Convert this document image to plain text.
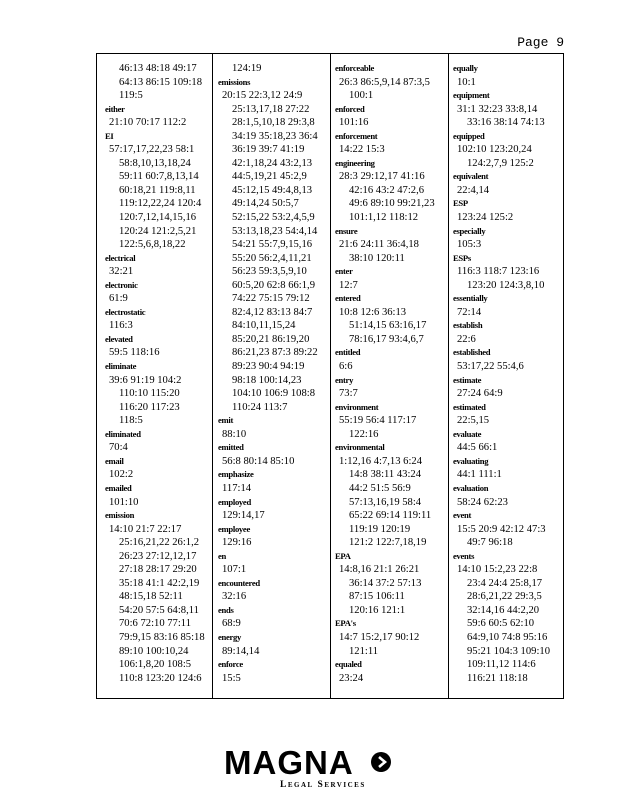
Page 9
46:13 48:18 49:17
64:13 86:15 109:18
119:5
either
21:10 70:17 112:2
EI
57:17,17,22,23 58:1
58:8,10,13,18,24
59:11 60:7,8,13,14
60:18,21 119:8,11
119:12,22,24 120:4
120:7,12,14,15,16
120:24 121:2,5,21
122:5,6,8,18,22
electrical
32:21
electronic
61:9
electrostatic
116:3
elevated
59:5 118:16
eliminate
39:6 91:19 104:2
110:10 115:20
116:20 117:23
118:5
eliminated
70:4
email
102:2
emailed
101:10
emission
14:10 21:7 22:17
25:16,21,22 26:1,2
26:23 27:12,12,17
27:18 28:17 29:20
35:18 41:1 42:2,19
48:15,18 52:11
54:20 57:5 64:8,11
70:6 72:10 77:11
79:9,15 83:16 85:18
89:10 100:10,24
106:1,8,20 108:5
110:8 123:20 124:6
124:19
emissions
20:15 22:3,12 24:9
25:13,17,18 27:22
28:1,5,10,18 29:3,8
34:19 35:18,23 36:4
36:19 39:7 41:19
42:1,18,24 43:2,13
44:5,19,21 45:2,9
45:12,15 49:4,8,13
49:14,24 50:5,7
52:15,22 53:2,4,5,9
53:13,18,23 54:4,14
54:21 55:7,9,15,16
55:20 56:2,4,11,21
56:23 59:3,5,9,10
60:5,20 62:8 66:1,9
74:22 75:15 79:12
82:4,12 83:13 84:7
84:10,11,15,24
85:20,21 86:19,20
86:21,23 87:3 89:22
89:23 90:4 94:19
98:18 100:14,23
104:10 106:9 108:8
110:24 113:7
emit
88:10
emitted
56:8 80:14 85:10
emphasize
117:14
employed
129:14,17
employee
129:16
en
107:1
encountered
32:16
ends
68:9
energy
89:14,14
enforce
15:5
enforceable
26:3 86:5,9,14 87:3,5
100:1
enforced
101:16
enforcement
14:22 15:3
engineering
28:3 29:12,17 41:16
42:16 43:2 47:2,6
49:6 89:10 99:21,23
101:1,12 118:12
ensure
21:6 24:11 36:4,18
38:10 120:11
enter
12:7
entered
10:8 12:6 36:13
51:14,15 63:16,17
78:16,17 93:4,6,7
entitled
6:6
entry
73:7
environment
55:19 56:4 117:17
122:16
environmental
1:12,16 4:7,13 6:24
14:8 38:11 43:24
44:2 51:5 56:9
57:13,16,19 58:4
65:22 69:14 119:11
119:19 120:19
121:2 122:7,18,19
EPA
14:8,16 21:1 26:21
36:14 37:2 57:13
87:15 106:11
120:16 121:1
EPA's
14:7 15:2,17 90:12
121:11
equaled
23:24
equally
10:1
equipment
31:1 32:23 33:8,14
33:16 38:14 74:13
equipped
102:10 123:20,24
124:2,7,9 125:2
equivalent
22:4,14
ESP
123:24 125:2
especially
105:3
ESPs
116:3 118:7 123:16
123:20 124:3,8,10
essentially
72:14
establish
22:6
established
53:17,22 55:4,6
estimate
27:24 64:9
estimated
22:5,15
evaluate
44:5 66:1
evaluating
44:1 111:1
evaluation
58:24 62:23
event
15:5 20:9 42:12 47:3
49:7 96:18
events
14:10 15:2,23 22:8
23:4 24:4 25:8,17
28:6,21,22 29:3,5
32:14,16 44:2,20
59:6 60:5 62:10
64:9,10 74:8 95:16
95:21 104:3 109:10
109:11,12 114:6
116:21 118:18
MAGNA
Legal Services
